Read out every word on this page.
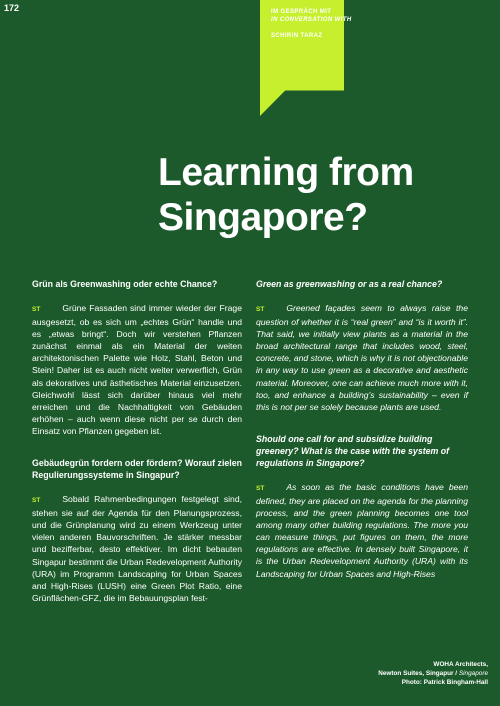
172	IM GESPRÄCH MIT
IN CONVERSATION WITH
SCHIRIN TARAZ
Learning from Singapore?
Grün als Greenwashing oder echte Chance?

ST	Grüne Fassaden sind immer wieder der Frage ausgesetzt, ob es sich um „echtes Grün“ handle und es „etwas bringt“. Doch wir verstehen Pflanzen zunächst einmal als ein Material der weiten architektonischen Palette wie Holz, Stahl, Beton und Stein! Daher ist es auch nicht weiter verwerflich, Grün als dekoratives und ästhetisches Material einzusetzen. Gleichwohl lässt sich darüber hinaus viel mehr erreichen und die Nachhaltigkeit von Gebäuden erhöhen – auch wenn diese nicht per se durch den Einsatz von Pflanzen gegeben ist.

Gebäudegrün fordern oder fördern? Worauf zielen Regulierungssysteme in Singapur?

ST	Sobald Rahmenbedingungen festgelegt sind, stehen sie auf der Agenda für den Planungsprozess, und die Grünplanung wird zu einem Werkzeug unter vielen anderen Bauvorschriften. Je stärker messbar und bezifferbar, desto effektiver. Im dicht bebauten Singapur bestimmt die Urban Redevelopment Authority (URA) im Programm Landscaping for Urban Spaces and High-Rises (LUSH) eine Green Plot Ratio, eine Grünflächen-GFZ, die im Bebauungsplan fest-

Green as greenwashing or as a real chance?

ST	Greened façades seem to always raise the question of whether it is “real green” and “is it worth it”. That said, we initially view plants as a material in the broad architectural range that includes wood, steel, concrete, and stone, which is why it is not objectionable in any way to use green as a decorative and aesthetic material. Moreover, one can achieve much more with it, too, and enhance a building’s sustainability – even if this is not per se solely because plants are used.

Should one call for and subsidize building greenery? What is the case with the system of regulations in Singapore?

ST	As soon as the basic conditions have been defined, they are placed on the agenda for the planning process, and the green planning becomes one tool among many other building regulations. The more you can measure things, put figures on them, the more regulations are effective. In densely built Singapore, it is the Urban Redevelopment Authority (URA) with its Landscaping for Urban Spaces and High-Rises

WOHA Architects,
Newton Suites, Singapur / Singapore
Photo: Patrick Bingham-Hall
